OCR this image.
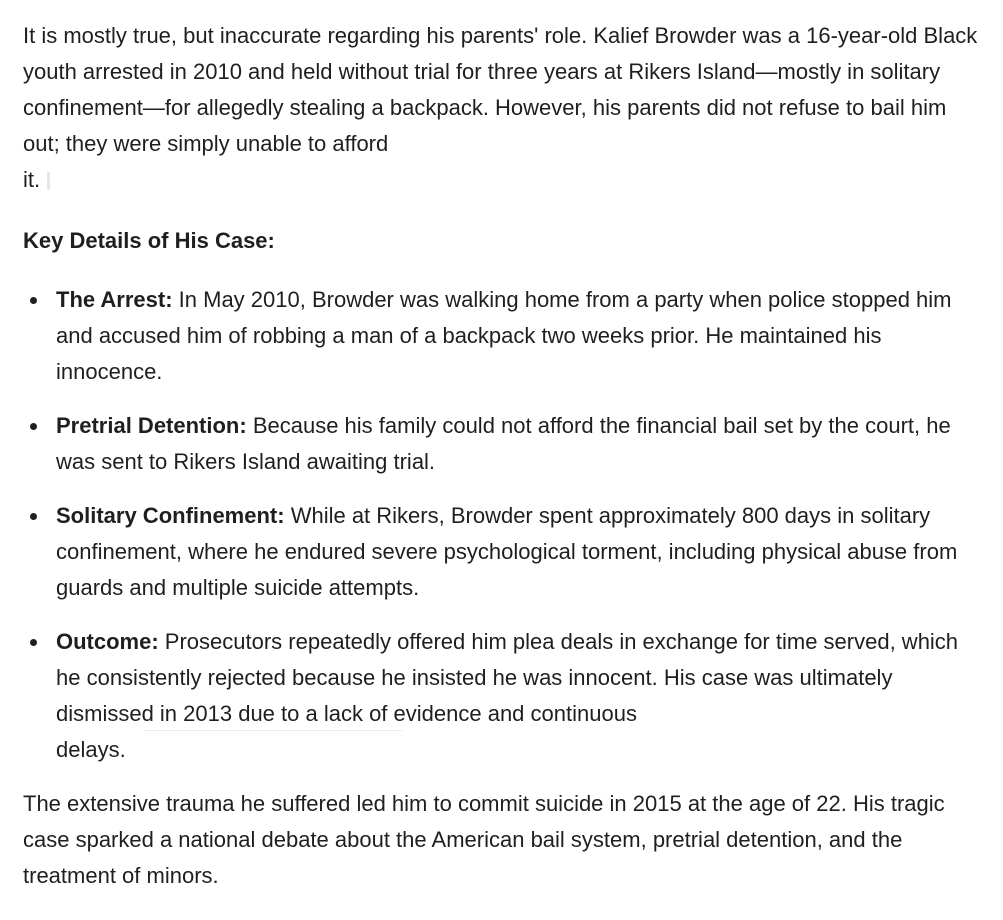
It is mostly true, but inaccurate regarding his parents' role. Kalief Browder was a 16-year-old Black youth arrested in 2010 and held without trial for three years at Rikers Island—mostly in solitary confinement—for allegedly stealing a backpack. However, his parents did not refuse to bail him out; they were simply unable to afford
it.

Key Details of His Case:

The Arrest: In May 2010, Browder was walking home from a party when police stopped him and accused him of robbing a man of a backpack two weeks prior. He maintained his innocence.
Pretrial Detention: Because his family could not afford the financial bail set by the court, he was sent to Rikers Island awaiting trial.
Solitary Confinement: While at Rikers, Browder spent approximately 800 days in solitary confinement, where he endured severe psychological torment, including physical abuse from guards and multiple suicide attempts.
Outcome: Prosecutors repeatedly offered him plea deals in exchange for time served, which he consistently rejected because he insisted he was innocent. His case was ultimately dismissed in 2013 due to a lack of evidence and continuous
delays.

The extensive trauma he suffered led him to commit suicide in 2015 at the age of 22. His tragic case sparked a national debate about the American bail system, pretrial detention, and the treatment of minors.
